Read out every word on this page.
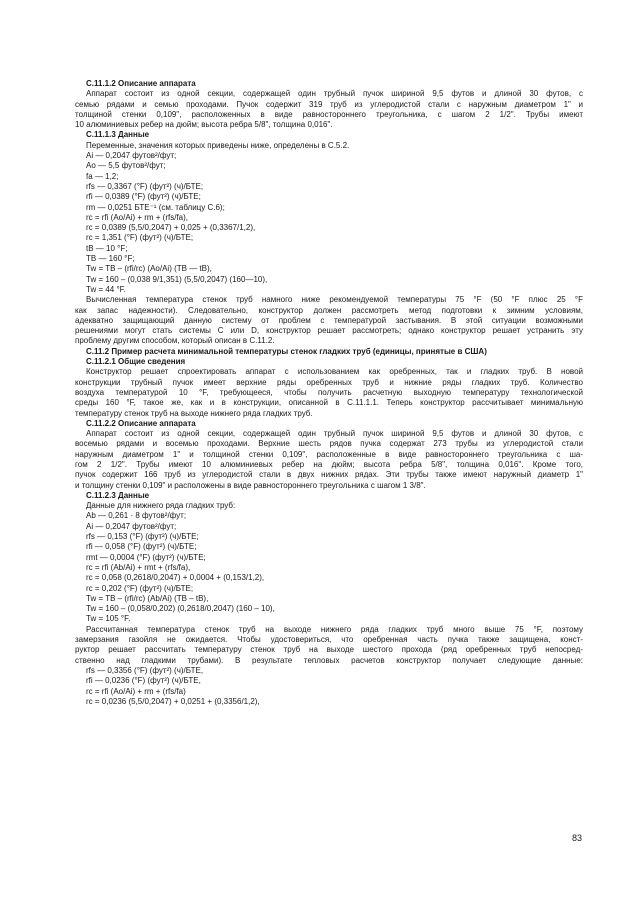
C.11.1.2 Описание аппарата
Аппарат состоит из одной секции, содержащей один трубный пучок шириной 9,5 футов и длиной 30 футов, с
семью рядами и семью проходами. Пучок содержит 319 труб из углеродистой стали с наружным диаметром 1" и
толщиной стенки 0,109", расположенных в виде равностороннего треугольника, с шагом 2 1/2". Трубы имеют
10 алюминиевых ребер на дюйм; высота ребра 5/8", толщина 0,016".
C.11.1.3 Данные
Переменные, значения которых приведены ниже, определены в С.5.2.
Ai — 0,2047 футов²/фут;
Ao — 5,5 футов²/фут;
fa — 1,2;
rfs — 0,3367 (°F) (фут²) (ч)/БТЕ;
rfi — 0,0389 (°F) (фут²) (ч)/БТЕ;
rm — 0,0251 БТЕ⁻¹ (см. таблицу С.6);
rc = rfi (Ao/Ai) + rm + (rfs/fa),
rc = 0,0389 (5,5/0,2047) + 0,025 + (0,3367/1,2),
rc = 1,351 (°F) (фут²) (ч)/БТЕ;
tB — 10 °F;
TB — 160 °F;
Tw = TB – (rfi/rc) (Ao/Ai) (TB — tB),
Tw = 160 – (0,038 9/1,351) (5,5/0,2047) (160—10),
Tw = 44 °F.
Вычисленная температура стенок труб намного ниже рекомендуемой температуры 75 °F (50 °F плюс 25 °F
как запас надежности). Следовательно, конструктор должен рассмотреть метод подготовки к зимним условиям,
адекватно защищающий данную систему от проблем с температурой застывания. В этой ситуации возможными
решениями могут стать системы C или D, конструктор решает рассмотреть; однако конструктор решает устранить эту
проблему другим способом, который описан в С.11.2.
C.11.2 Пример расчета минимальной температуры стенок гладких труб (единицы, принятые в США)
C.11.2.1 Общие сведения
Конструктор решает спроектировать аппарат с использованием как оребренных, так и гладких труб. В новой
конструкции трубный пучок имеет верхние ряды оребренных труб и нижние ряды гладких труб. Количество
воздуха температурой 10 °F, требующееся, чтобы получить расчетную выходную температуру технологической
среды 160 °F, такое же, как и в конструкции, описанной в С.11.1.1. Теперь конструктор рассчитывает минимальную
температуру стенок труб на выходе нижнего ряда гладких труб.
C.11.2.2 Описание аппарата
Аппарат состоит из одной секции, содержащей один трубный пучок шириной 9,5 футов и длиной 30 футов, с
восемью рядами и восемью проходами. Верхние шесть рядов пучка содержат 273 трубы из углеродистой стали
наружным диаметром 1" и толщиной стенки 0,109", расположенные в виде равностороннего треугольника с ша-
гом 2 1/2". Трубы имеют 10 алюминиевых ребер на дюйм; высота ребра 5/8", толщина 0,016". Кроме того,
пучок содержит 166 труб из углеродистой стали в двух нижних рядах. Эти трубы также имеют наружный диаметр 1"
и толщину стенки 0,109" и расположены в виде равностороннего треугольника с шагом 1 3/8".
C.11.2.3 Данные
Данные для нижнего ряда гладких труб:
Ab — 0,261 · 8 футов²/фут;
Ai — 0,2047 футов²/фут;
rfs — 0,153 (°F) (фут²) (ч)/БТЕ;
rfi — 0,058 (°F) (фут²) (ч)/БТЕ;
rmt — 0,0004 (°F) (фут²) (ч)/БТЕ;
rc = rfi (Ab/Ai) + rmt + (rfs/fa),
rc = 0,058 (0,2618/0,2047) + 0,0004 + (0,153/1,2),
rc = 0,202 (°F) (фут²) (ч)/БТЕ;
Tw = TB – (rfi/rc) (Ab/Ai) (TB – tB),
Tw = 160 – (0,058/0,202) (0,2618/0,2047) (160 – 10),
Tw = 105 °F.
Рассчитанная температура стенок труб на выходе нижнего ряда гладких труб много выше 75 °F, поэтому
замерзания газойля не ожидается. Чтобы удостовериться, что оребренная часть пучка также защищена, конст-
руктор решает рассчитать температуру стенок труб на выходе шестого прохода (ряд оребренных труб непосред-
ственно над гладкими трубами). В результате тепловых расчетов конструктор получает следующие данные:
rfs — 0,3356 (°F) (фут²) (ч)/БТЕ,
rfi — 0,0236 (°F) (фут²) (ч)/БТЕ,
rc = rfi (Ao/Ai) + rm + (rfs/fa)
rc = 0,0236 (5,5/0,2047) + 0,0251 + (0,3356/1,2),
83
